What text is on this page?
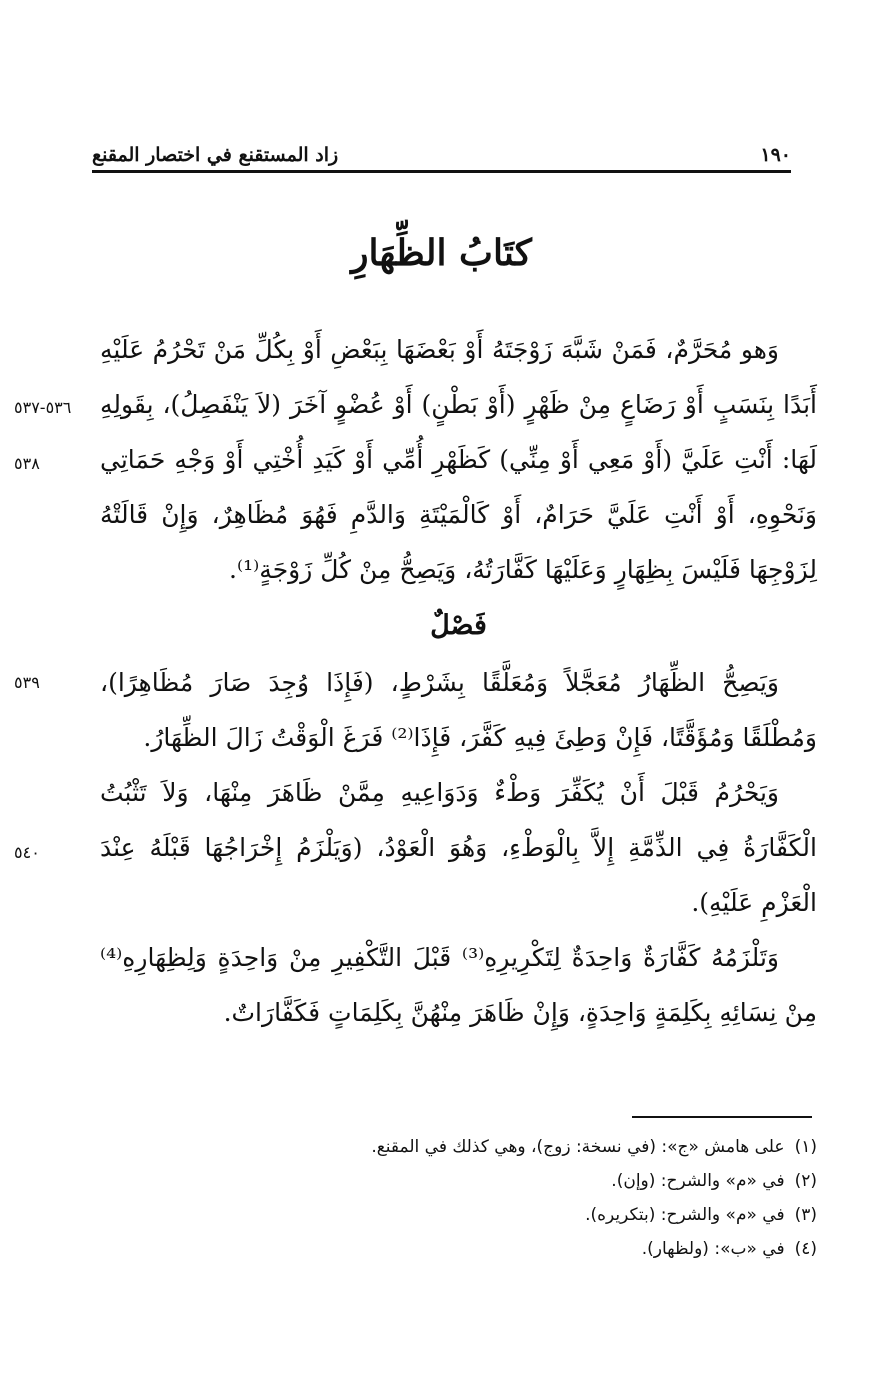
١٩٠
زاد المستقنع في اختصار المقنع
كتَابُ الظِّهَارِ

وَهو مُحَرَّمٌ، فَمَنْ شَبَّهَ زَوْجَتَهُ أَوْ بَعْضَهَا بِبَعْضِ أَوْ بِكُلِّ مَنْ تَحْرُمُ عَلَيْهِ أَبَدًا بِنَسَبٍ أَوْ رَضَاعٍ مِنْ ظَهْرٍ (أَوْ بَطْنٍ) أَوْ عُضْوٍ آخَرَ (لاَ يَنْفَصِلُ)، بِقَولِهِ لَهَا: أَنْتِ عَلَيَّ (أَوْ مَعِي أَوْ مِنِّي) كَظَهْرِ أُمِّي أَوْ كَيَدِ أُخْتِي أَوْ وَجْهِ حَمَاتِي وَنَحْوِهِ، أَوْ أَنْتِ عَلَيَّ حَرَامٌ، أَوْ كَالْمَيْتَةِ وَالدَّمِ فَهُوَ مُظَاهِرٌ، وَإِنْ قَالَتْهُ لِزَوْجِهَا فَلَيْسَ بِظِهَارٍ وَعَلَيْهَا كَفَّارَتُهُ، وَيَصِحُّ مِنْ كُلِّ زَوْجَةٍ⁽¹⁾.

فَصْلٌ

وَيَصِحُّ الظِّهَارُ مُعَجَّلاً وَمُعَلَّقًا بِشَرْطٍ، (فَإِذَا وُجِدَ صَارَ مُظَاهِرًا)، وَمُطْلَقًا وَمُؤَقَّتًا، فَإِنْ وَطِئَ فِيهِ كَفَّرَ، فَإِذَا⁽²⁾ فَرَغَ الْوَقْتُ زَالَ الظِّهَارُ.

وَيَحْرُمُ قَبْلَ أَنْ يُكَفِّرَ وَطْءٌ وَدَوَاعِيهِ مِمَّنْ ظَاهَرَ مِنْهَا، وَلاَ تَثْبُتُ الْكَفَّارَةُ فِي الذِّمَّةِ إِلاَّ بِالْوَطْءِ، وَهُوَ الْعَوْدُ، (وَيَلْزَمُ إِخْرَاجُهَا قَبْلَهُ عِنْدَ الْعَزْمِ عَلَيْهِ).

وَتَلْزَمُهُ كَفَّارَةٌ وَاحِدَةٌ لِتَكْرِيرِهِ⁽³⁾ قَبْلَ التَّكْفِيرِ مِنْ وَاحِدَةٍ وَلِظِهَارِهِ⁽⁴⁾ مِنْ نِسَائِهِ بِكَلِمَةٍ وَاحِدَةٍ، وَإِنْ ظَاهَرَ مِنْهُنَّ بِكَلِمَاتٍ فَكَفَّارَاتٌ.

٥٣٦-٥٣٧
٥٣٨
٥٣٩
٥٤٠
(١)على هامش «ج»: (في نسخة: زوج)، وهي كذلك في المقنع.
(٢)في «م» والشرح: (وإن).
(٣)في «م» والشرح: (بتكريره).
(٤)في «ب»: (ولظهار).
